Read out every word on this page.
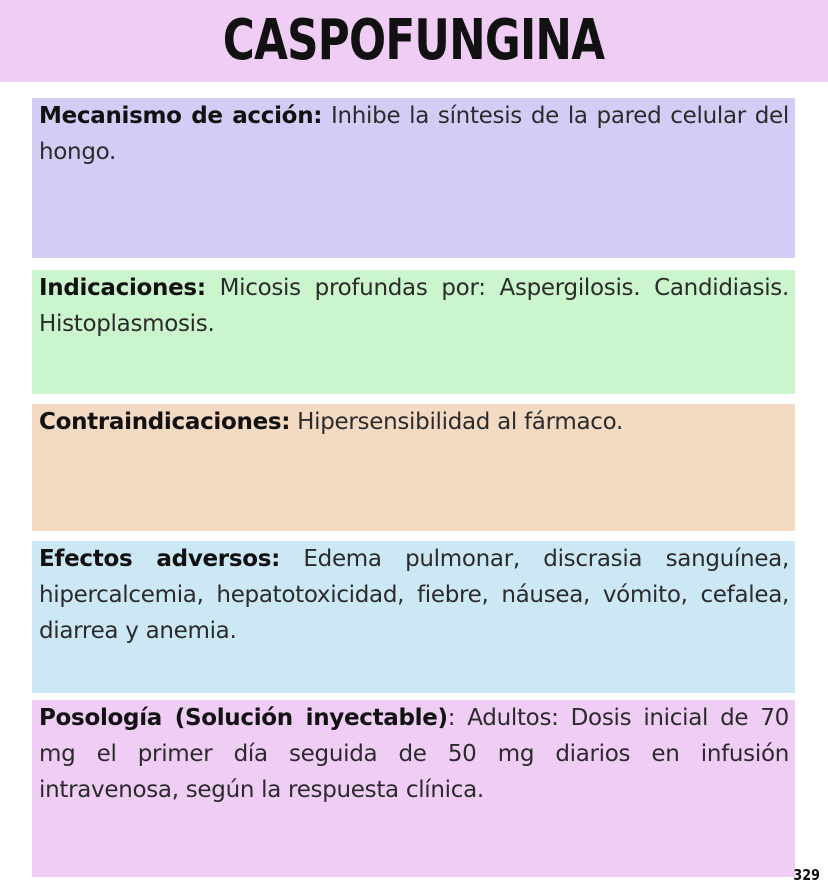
CASPOFUNGINA
Mecanismo de acción: Inhibe la síntesis de la pared celular del hongo.
Indicaciones: Micosis profundas por: Aspergilosis. Candidiasis. Histoplasmosis.
Contraindicaciones: Hipersensibilidad al fármaco.
Efectos adversos: Edema pulmonar, discrasia sanguínea, hipercalcemia, hepatotoxicidad, fiebre, náusea, vómito, cefalea, diarrea y anemia.
Posología (Solución inyectable): Adultos: Dosis inicial de 70 mg el primer día seguida de 50 mg diarios en infusión intravenosa, según la respuesta clínica.
329
